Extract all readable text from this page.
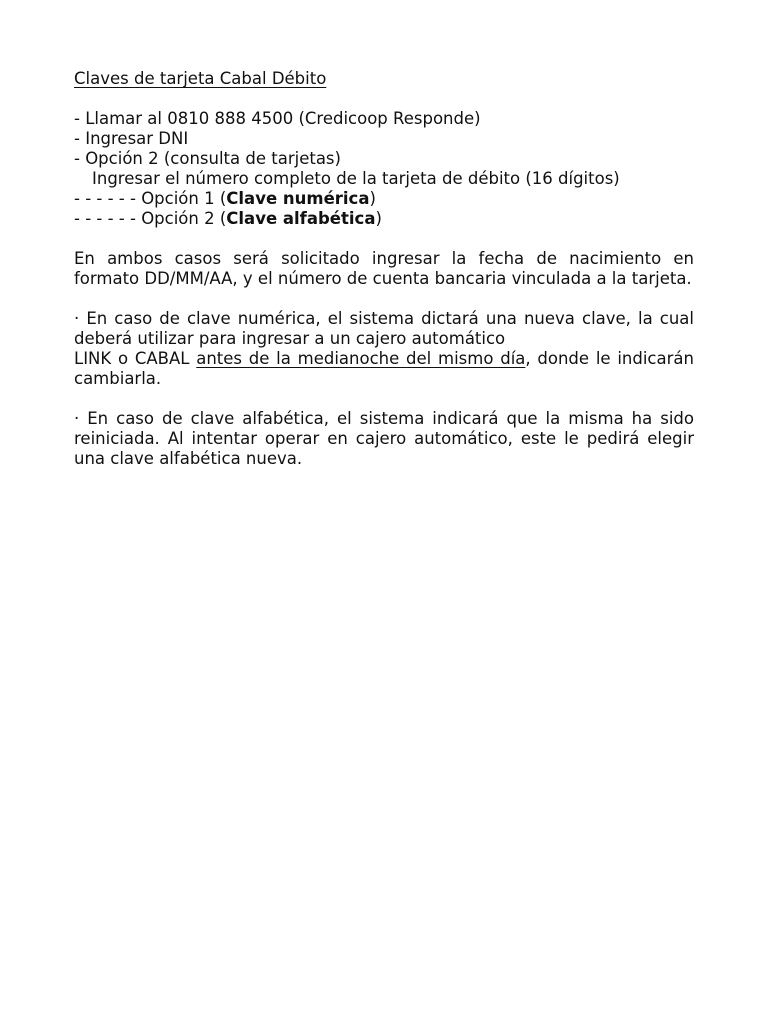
Claves de tarjeta Cabal Débito

- Llamar al 0810 888 4500 (Credicoop Responde)
- Ingresar DNI
- Opción 2 (consulta de tarjetas)
Ingresar el número completo de la tarjeta de débito (16 dígitos)
- - - - - - Opción 1 (Clave numérica)
- - - - - - Opción 2 (Clave alfabética)

En ambos casos será solicitado ingresar la fecha de nacimiento en formato DD/MM/AA, y el número de cuenta bancaria vinculada a la tarjeta.

· En caso de clave numérica, el sistema dictará una nueva clave, la cual deberá utilizar para ingresar a un cajero automático

LINK o CABAL antes de la medianoche del mismo día, donde le indicarán cambiarla.

· En caso de clave alfabética, el sistema indicará que la misma ha sido reiniciada. Al intentar operar en cajero automático, este le pedirá elegir una clave alfabética nueva.
